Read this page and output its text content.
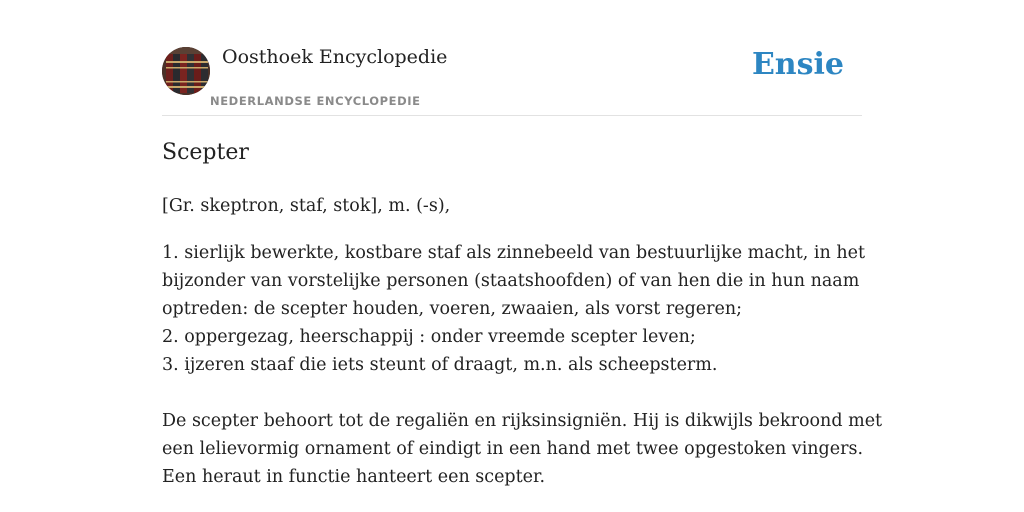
Oosthoek Encyclopedie
NEDERLANDSE ENCYCLOPEDIE
Ensie
Scepter

[Gr. skeptron, staf, stok], m. (-s),

1. sierlijk bewerkte, kostbare staf als zinnebeeld van bestuurlijke macht, in het
bijzonder van vorstelijke personen (staatshoofden) of van hen die in hun naam
optreden: de scepter houden, voeren, zwaaien, als vorst regeren;
2. oppergezag, heerschappij : onder vreemde scepter leven;
3. ijzeren staaf die iets steunt of draagt, m.n. als scheepsterm.
De scepter behoort tot de regaliën en rijksinsigniën. Hij is dikwijls bekroond met
een lelievormig ornament of eindigt in een hand met twee opgestoken vingers.
Een heraut in functie hanteert een scepter.
